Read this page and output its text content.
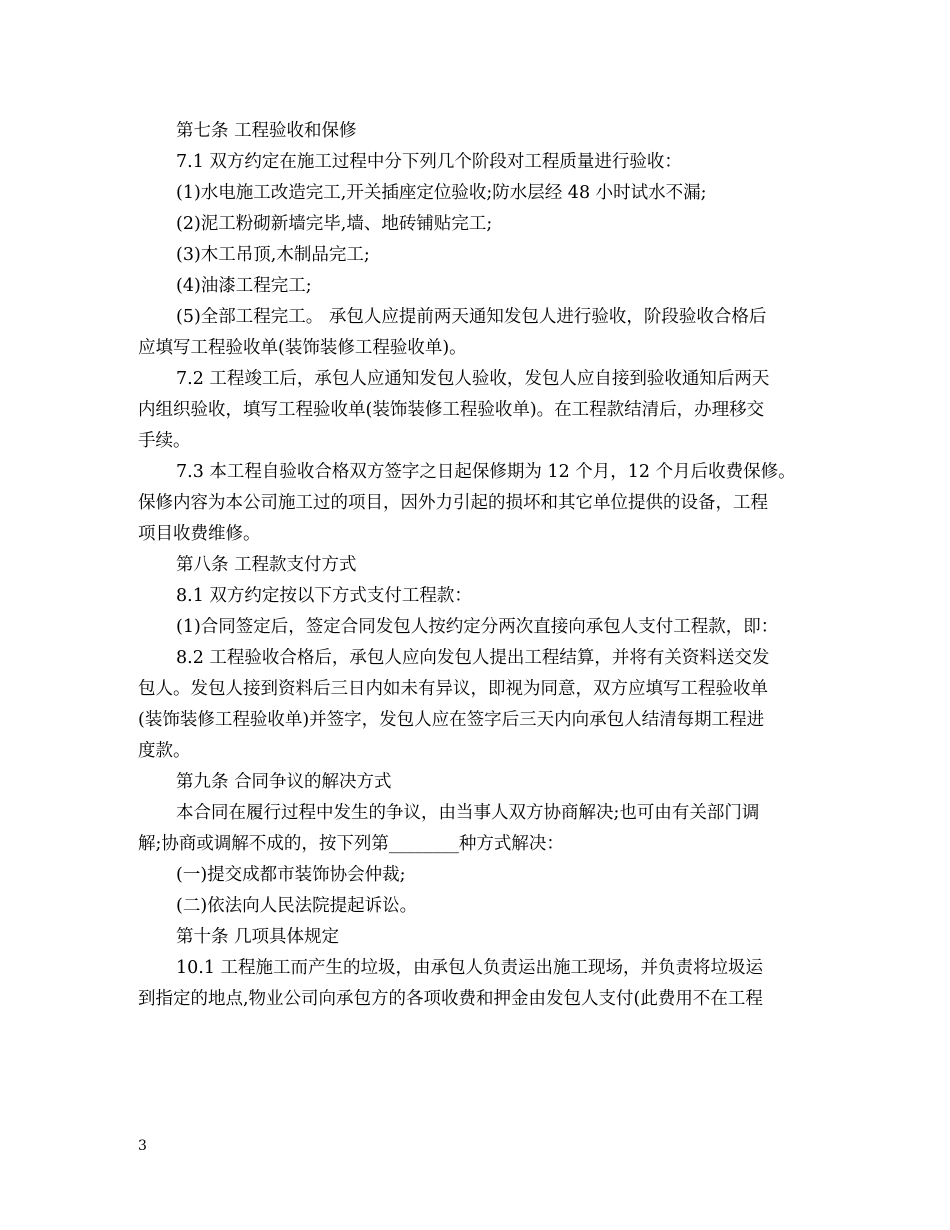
第七条 工程验收和保修
7.1 双方约定在施工过程中分下列几个阶段对工程质量进行验收：
(1)水电施工改造完工,开关插座定位验收;防水层经 48 小时试水不漏;
(2)泥工粉砌新墙完毕,墙、地砖铺贴完工;
(3)木工吊顶,木制品完工;
(4)油漆工程完工;
(5)全部工程完工。 承包人应提前两天通知发包人进行验收，阶段验收合格后
应填写工程验收单(装饰装修工程验收单)。
7.2 工程竣工后，承包人应通知发包人验收，发包人应自接到验收通知后两天
内组织验收，填写工程验收单(装饰装修工程验收单)。在工程款结清后，办理移交
手续。
7.3 本工程自验收合格双方签字之日起保修期为 12 个月，12 个月后收费保修。
保修内容为本公司施工过的项目，因外力引起的损坏和其它单位提供的设备，工程
项目收费维修。
第八条 工程款支付方式
8.1 双方约定按以下方式支付工程款：
(1)合同签定后，签定合同发包人按约定分两次直接向承包人支付工程款，即：
8.2 工程验收合格后，承包人应向发包人提出工程结算，并将有关资料送交发
包人。发包人接到资料后三日内如未有异议，即视为同意，双方应填写工程验收单
(装饰装修工程验收单)并签字，发包人应在签字后三天内向承包人结清每期工程进
度款。
第九条 合同争议的解决方式
本合同在履行过程中发生的争议，由当事人双方协商解决;也可由有关部门调
解;协商或调解不成的，按下列第________种方式解决：
(一)提交成都市装饰协会仲裁;
(二)依法向人民法院提起诉讼。
第十条 几项具体规定
10.1 工程施工而产生的垃圾，由承包人负责运出施工现场，并负责将垃圾运
到指定的地点,物业公司向承包方的各项收费和押金由发包人支付(此费用不在工程
3
